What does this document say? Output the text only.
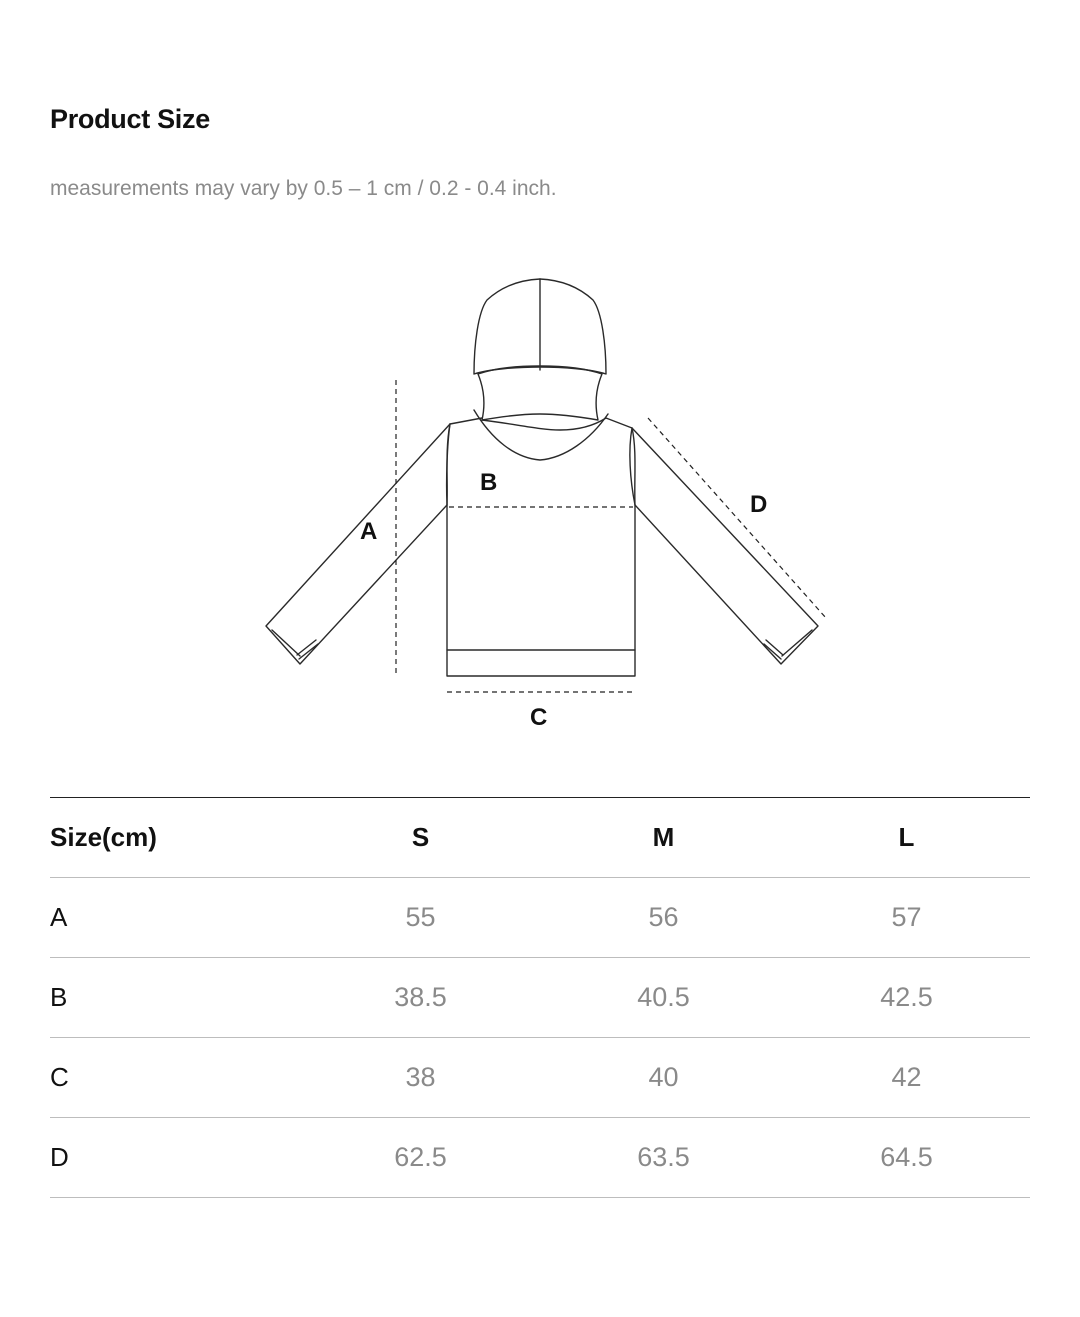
Product Size

measurements may vary by 0.5 – 1 cm / 0.2 - 0.4 inch.

A
B
C
D
Size(cm)	S	M	L
A	55	56	57
B	38.5	40.5	42.5
C	38	40	42
D	62.5	63.5	64.5
